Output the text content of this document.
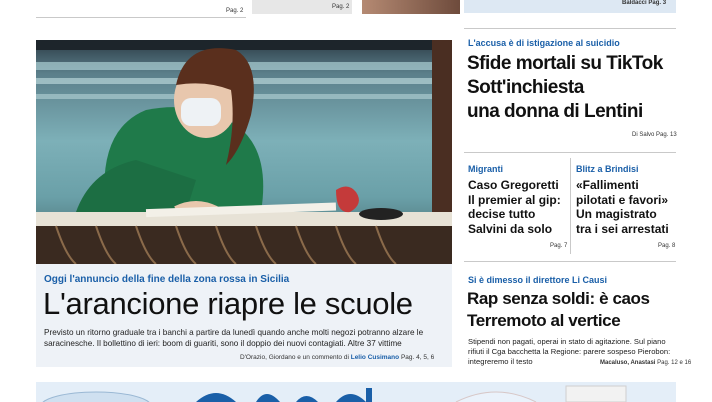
Pag. 2
Pag. 2
Baldacci Pag. 3
Oggi l'annuncio della fine della zona rossa in Sicilia
L'arancione riapre le scuole
Previsto un ritorno graduale tra i banchi a partire da lunedì quando anche molti negozi potranno alzare le saracinesche. Il bollettino di ieri: boom di guariti, sono il doppio dei nuovi contagiati. Altre 37 vittime
D'Orazio, Giordano e un commento di Lelio Cusimano Pag. 4, 5, 6
L'accusa è di istigazione al suicidio
Sfide mortali su TikTok
Sott'inchiesta
una donna di Lentini
Di Salvo Pag. 13
Migranti
Caso Gregoretti
Il premier al gip:
decise tutto
Salvini da solo
Pag. 7
Blitz a Brindisi
«Fallimenti
pilotati e favori»
Un magistrato
tra i sei arrestati
Pag. 8
Si è dimesso il direttore Li Causi
Rap senza soldi: è caos
Terremoto al vertice
Stipendi non pagati, operai in stato di agitazione. Sul piano rifiuti il Cga bacchetta la Regione: parere sospeso Pierobon: integreremo il testo	Macaluso, Anastasi Pag. 12 e 16
